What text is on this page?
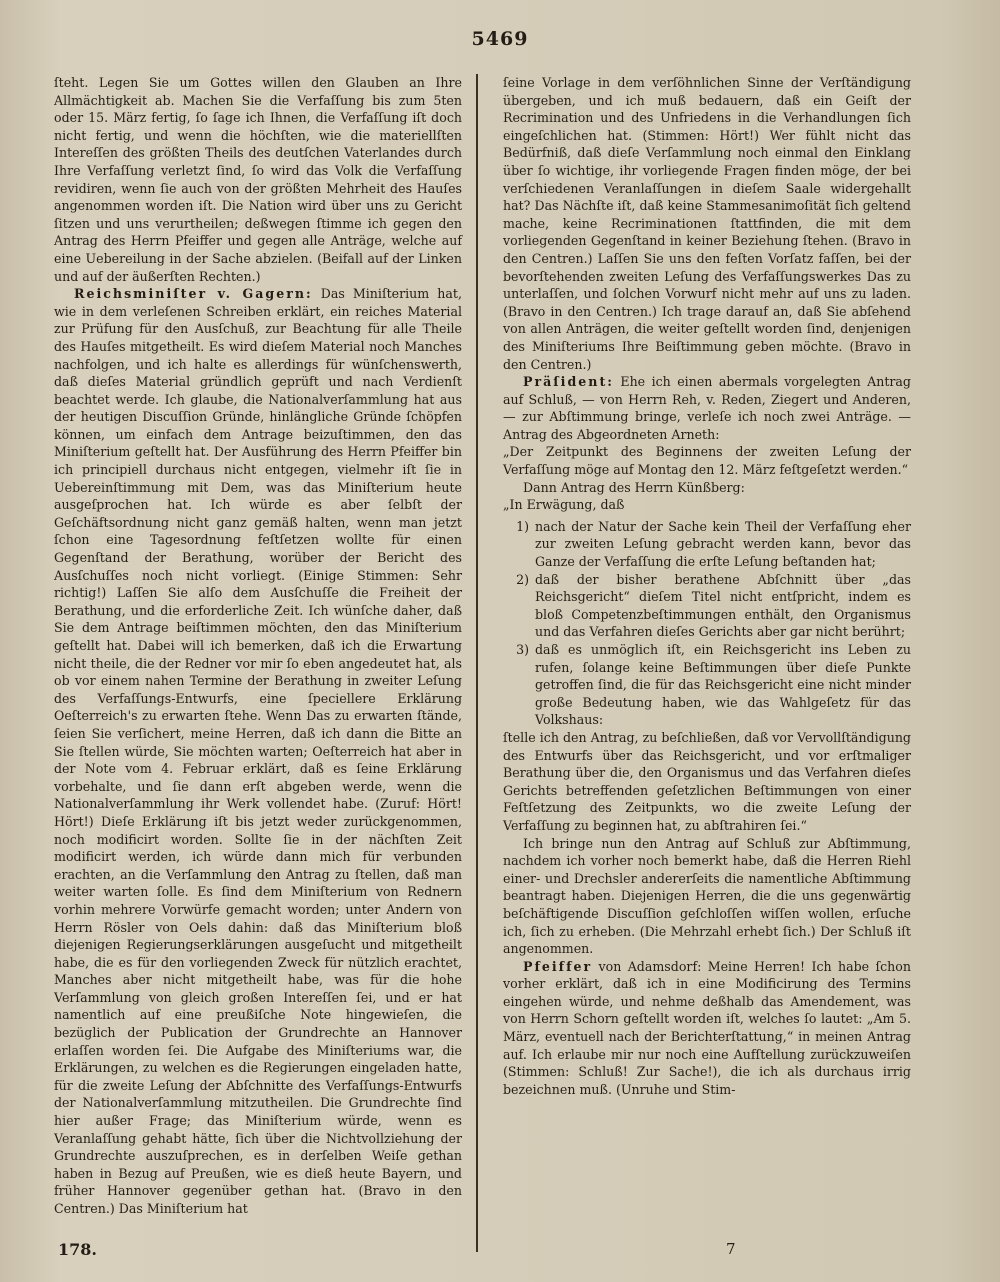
5469

ſteht. Legen Sie um Gottes willen den Glauben an Ihre Allmächtigkeit ab. Machen Sie die Verfaſſung bis zum 5ten oder 15. März fertig, ſo ſage ich Ihnen, die Verfaſſung iſt doch nicht fertig, und wenn die höchſten, wie die materiellſten Intereſſen des größten Theils des deutſchen Vaterlandes durch Ihre Verfaſſung verletzt ſind, ſo wird das Volk die Verfaſſung revidiren, wenn ſie auch von der größten Mehrheit des Hauſes angenommen worden iſt. Die Nation wird über uns zu Gericht ſitzen und uns verurtheilen; deßwegen ſtimme ich gegen den Antrag des Herrn Pfeiffer und gegen alle Anträge, welche auf eine Uebereilung in der Sache abzielen. (Beifall auf der Linken und auf der äußerſten Rechten.)

Reichsminiſter v. Gagern: Das Miniſterium hat, wie in dem verleſenen Schreiben erklärt, ein reiches Material zur Prüfung für den Ausſchuß, zur Beachtung für alle Theile des Hauſes mitgetheilt. Es wird dieſem Material noch Manches nachfolgen, und ich halte es allerdings für wünſchenswerth, daß dieſes Material gründlich geprüft und nach Verdienſt beachtet werde. Ich glaube, die Nationalverſammlung hat aus der heutigen Discuſſion Gründe, hinlängliche Gründe ſchöpfen können, um einfach dem Antrage beizuſtimmen, den das Miniſterium geſtellt hat. Der Ausführung des Herrn Pfeiffer bin ich principiell durchaus nicht entgegen, vielmehr iſt ſie in Uebereinſtimmung mit Dem, was das Miniſterium heute ausgeſprochen hat. Ich würde es aber ſelbſt der Geſchäftsordnung nicht ganz gemäß halten, wenn man jetzt ſchon eine Tagesordnung feſtſetzen wollte für einen Gegenſtand der Berathung, worüber der Bericht des Ausſchuſſes noch nicht vorliegt. (Einige Stimmen: Sehr richtig!) Laſſen Sie alſo dem Ausſchuſſe die Freiheit der Berathung, und die erforderliche Zeit. Ich wünſche daher, daß Sie dem Antrage beiſtimmen möchten, den das Miniſterium geſtellt hat. Dabei will ich bemerken, daß ich die Erwartung nicht theile, die der Redner vor mir ſo eben angedeutet hat, als ob vor einem nahen Termine der Berathung in zweiter Leſung des Verfaſſungs-Entwurfs, eine ſpeciellere Erklärung Oeſterreich's zu erwarten ſtehe. Wenn Das zu erwarten ſtände, ſeien Sie verſichert, meine Herren, daß ich dann die Bitte an Sie ſtellen würde, Sie möchten warten; Oeſterreich hat aber in der Note vom 4. Februar erklärt, daß es ſeine Erklärung vorbehalte, und ſie dann erſt abgeben werde, wenn die Nationalverſammlung ihr Werk vollendet habe. (Zuruf: Hört! Hört!) Dieſe Erklärung iſt bis jetzt weder zurückgenommen, noch modificirt worden. Sollte ſie in der nächſten Zeit modificirt werden, ich würde dann mich für verbunden erachten, an die Verſammlung den Antrag zu ſtellen, daß man weiter warten ſolle. Es ſind dem Miniſterium von Rednern vorhin mehrere Vorwürfe gemacht worden; unter Andern von Herrn Rösler von Oels dahin: daß das Miniſterium bloß diejenigen Regierungserklärungen ausgeſucht und mitgetheilt habe, die es für den vorliegenden Zweck für nützlich erachtet, Manches aber nicht mitgetheilt habe, was für die hohe Verſammlung von gleich großen Intereſſen ſei, und er hat namentlich auf eine preußiſche Note hingewieſen, die bezüglich der Publication der Grundrechte an Hannover erlaſſen worden ſei. Die Aufgabe des Miniſteriums war, die Erklärungen, zu welchen es die Regierungen eingeladen hatte, für die zweite Leſung der Abſchnitte des Verfaſſungs-Entwurfs der Nationalverſammlung mitzutheilen. Die Grundrechte ſind hier außer Frage; das Miniſterium würde, wenn es Veranlaſſung gehabt hätte, ſich über die Nichtvollziehung der Grundrechte auszuſprechen, es in derſelben Weiſe gethan haben in Bezug auf Preußen, wie es dieß heute Bayern, und früher Hannover gegenüber gethan hat. (Bravo in den Centren.) Das Miniſterium hat

ſeine Vorlage in dem verſöhnlichen Sinne der Verſtändigung übergeben, und ich muß bedauern, daß ein Geiſt der Recrimination und des Unfriedens in die Verhandlungen ſich eingeſchlichen hat. (Stimmen: Hört!) Wer fühlt nicht das Bedürfniß, daß dieſe Verſammlung noch einmal den Einklang über ſo wichtige, ihr vorliegende Fragen finden möge, der bei verſchiedenen Veranlaſſungen in dieſem Saale widergehallt hat? Das Nächſte iſt, daß keine Stammesanimoſität ſich geltend mache, keine Recriminationen ſtattfinden, die mit dem vorliegenden Gegenſtand in keiner Beziehung ſtehen. (Bravo in den Centren.) Laſſen Sie uns den feſten Vorſatz faſſen, bei der bevorſtehenden zweiten Leſung des Verfaſſungswerkes Das zu unterlaſſen, und ſolchen Vorwurf nicht mehr auf uns zu laden. (Bravo in den Centren.) Ich trage darauf an, daß Sie abſehend von allen Anträgen, die weiter geſtellt worden ſind, denjenigen des Miniſteriums Ihre Beiſtimmung geben möchte. (Bravo in den Centren.)

Präſident: Ehe ich einen abermals vorgelegten Antrag auf Schluß, — von Herrn Reh, v. Reden, Ziegert und Anderen, — zur Abſtimmung bringe, verleſe ich noch zwei Anträge. — Antrag des Abgeordneten Arneth:

„Der Zeitpunkt des Beginnens der zweiten Leſung der Verfaſſung möge auf Montag den 12. März feſtgeſetzt werden.“

Dann Antrag des Herrn Künßberg:

„In Erwägung, daß

1) nach der Natur der Sache kein Theil der Verfaſſung eher zur zweiten Leſung gebracht werden kann, bevor das Ganze der Verfaſſung die erſte Leſung beſtanden hat;
2) daß der bisher berathene Abſchnitt über „das Reichsgericht“ dieſem Titel nicht entſpricht, indem es bloß Competenzbeſtimmungen enthält, den Organismus und das Verfahren dieſes Gerichts aber gar nicht berührt;
3) daß es unmöglich iſt, ein Reichsgericht ins Leben zu rufen, ſolange keine Beſtimmungen über dieſe Punkte getroffen ſind, die für das Reichsgericht eine nicht minder große Bedeutung haben, wie das Wahlgeſetz für das Volkshaus:

ſtelle ich den Antrag, zu beſchließen, daß vor Vervollſtändigung des Entwurfs über das Reichsgericht, und vor erſtmaliger Berathung über die, den Organismus und das Verfahren dieſes Gerichts betreffenden geſetzlichen Beſtimmungen von einer Feſtſetzung des Zeitpunkts, wo die zweite Leſung der Verfaſſung zu beginnen hat, zu abſtrahiren ſei.“

Ich bringe nun den Antrag auf Schluß zur Abſtimmung, nachdem ich vorher noch bemerkt habe, daß die Herren Riehl einer- und Drechsler andererſeits die namentliche Abſtimmung beantragt haben. Diejenigen Herren, die die uns gegenwärtig beſchäftigende Discuſſion geſchloſſen wiſſen wollen, erſuche ich, ſich zu erheben. (Die Mehrzahl erhebt ſich.) Der Schluß iſt angenommen.

Pfeiffer von Adamsdorf: Meine Herren! Ich habe ſchon vorher erklärt, daß ich in eine Modificirung des Termins eingehen würde, und nehme deßhalb das Amendement, was von Herrn Schorn geſtellt worden iſt, welches ſo lautet: „Am 5. März, eventuell nach der Berichterſtattung,“ in meinen Antrag auf. Ich erlaube mir nur noch eine Aufſtellung zurückzuweiſen (Stimmen: Schluß! Zur Sache!), die ich als durchaus irrig bezeichnen muß. (Unruhe und Stim-

178.	7
